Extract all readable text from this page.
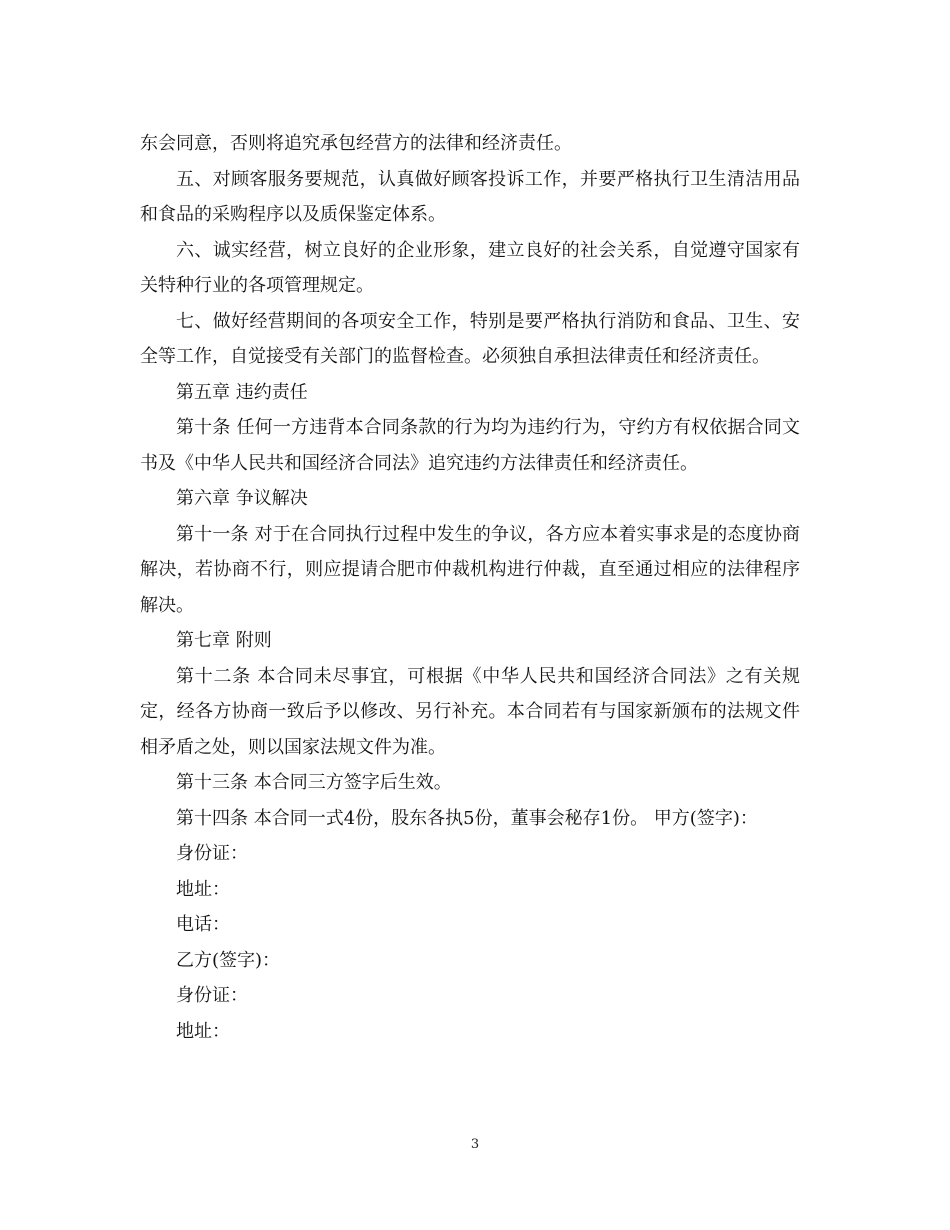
东会同意，否则将追究承包经营方的法律和经济责任。

五、对顾客服务要规范，认真做好顾客投诉工作，并要严格执行卫生清洁用品和食品的采购程序以及质保鉴定体系。

六、诚实经营，树立良好的企业形象，建立良好的社会关系，自觉遵守国家有关特种行业的各项管理规定。

七、做好经营期间的各项安全工作，特别是要严格执行消防和食品、卫生、安全等工作，自觉接受有关部门的监督检查。必须独自承担法律责任和经济责任。

第五章 违约责任

第十条 任何一方违背本合同条款的行为均为违约行为，守约方有权依据合同文书及《中华人民共和国经济合同法》追究违约方法律责任和经济责任。

第六章 争议解决

第十一条 对于在合同执行过程中发生的争议，各方应本着实事求是的态度协商解决，若协商不行，则应提请合肥市仲裁机构进行仲裁，直至通过相应的法律程序解决。

第七章 附则

第十二条 本合同未尽事宜，可根据《中华人民共和国经济合同法》之有关规定，经各方协商一致后予以修改、另行补充。本合同若有与国家新颁布的法规文件相矛盾之处，则以国家法规文件为准。

第十三条 本合同三方签字后生效。

第十四条 本合同一式4份，股东各执5份，董事会秘存1份。 甲方(签字)：

身份证：

地址：

电话：

乙方(签字)：

身份证：

地址：

3
